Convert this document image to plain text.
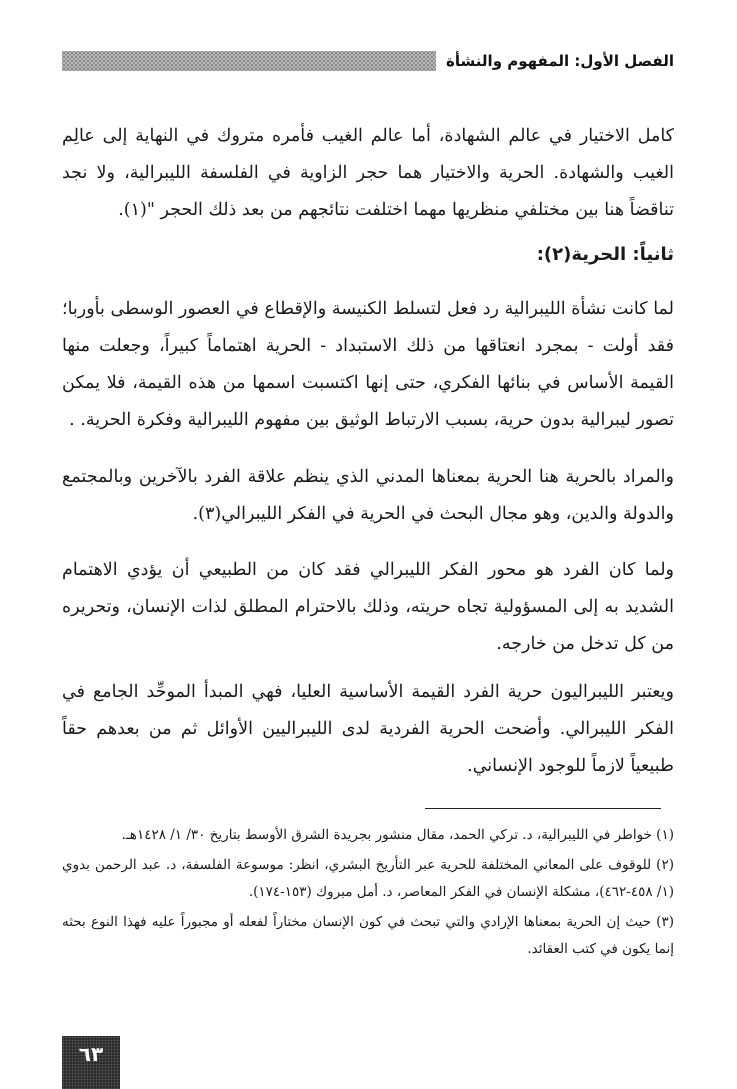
الفصل الأول: المفهوم والنشأة

كامل الاختيار في عالم الشهادة، أما عالم الغيب فأمره متروك في النهاية إلى عالِم الغيب والشهادة. الحرية والاختيار هما حجر الزاوية في الفلسفة الليبرالية، ولا نجد تناقضاً هنا بين مختلفي منظريها مهما اختلفت نتائجهم من بعد ذلك الحجر "(١).

ثانياً: الحرية(٢):

لما كانت نشأة الليبرالية رد فعل لتسلط الكنيسة والإقطاع في العصور الوسطى بأوربا؛ فقد أولت - بمجرد انعتاقها من ذلك الاستبداد - الحرية اهتماماً كبيراً، وجعلت منها القيمة الأساس في بنائها الفكري، حتى إنها اكتسبت اسمها من هذه القيمة، فلا يمكن تصور ليبرالية بدون حرية، بسبب الارتباط الوثيق بين مفهوم الليبرالية وفكرة الحرية. .

والمراد بالحرية هنا الحرية بمعناها المدني الذي ينظم علاقة الفرد بالآخرين وبالمجتمع والدولة والدين، وهو مجال البحث في الحرية في الفكر الليبرالي(٣).

ولما كان الفرد هو محور الفكر الليبرالي فقد كان من الطبيعي أن يؤدي الاهتمام الشديد به إلى المسؤولية تجاه حريته، وذلك بالاحترام المطلق لذات الإنسان، وتحريره من كل تدخل من خارجه.

ويعتبر الليبراليون حرية الفرد القيمة الأساسية العليا، فهي المبدأ الموحِّد الجامع في الفكر الليبرالي. وأضحت الحرية الفردية لدى الليبراليين الأوائل ثم من بعدهم حقاً طبيعياً لازماً للوجود الإنساني.

(١) خواطر في الليبرالية، د. تركي الحمد، مقال منشور بجريدة الشرق الأوسط بتاريخ ٣٠/ ١/ ١٤٢٨هـ.

(٢) للوقوف على المعاني المختلفة للحرية عبر التأريخ البشري، انظر: موسوعة الفلسفة، د. عبد الرحمن بدوي (١/ ٤٥٨-٤٦٢)، مشكلة الإنسان في الفكر المعاصر، د. أمل مبروك (١٥٣-١٧٤).

(٣) حيث إن الحرية بمعناها الإرادي والتي تبحث في كون الإنسان مختاراً لفعله أو مجبوراً عليه فهذا النوع بحثه إنما يكون في كتب العقائد.

٦٣
